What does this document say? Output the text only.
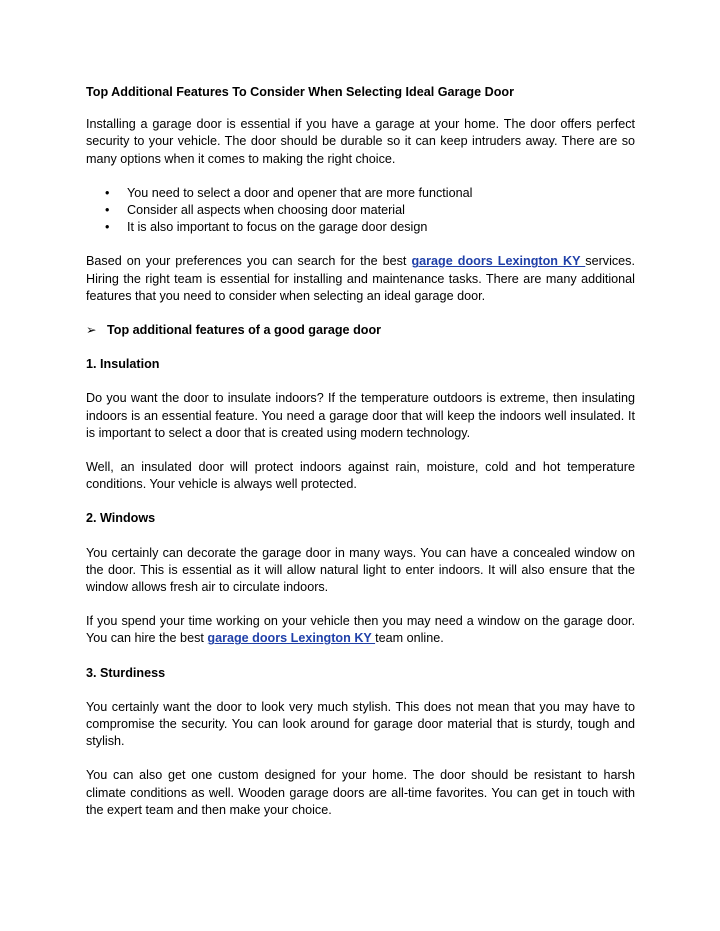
Top Additional Features To Consider When Selecting Ideal Garage Door

Installing a garage door is essential if you have a garage at your home. The door offers perfect security to your vehicle. The door should be durable so it can keep intruders away. There are so many options when it comes to making the right choice.

• You need to select a door and opener that are more functional
• Consider all aspects when choosing door material
• It is also important to focus on the garage door design

Based on your preferences you can search for the best garage doors Lexington KY services. Hiring the right team is essential for installing and maintenance tasks. There are many additional features that you need to consider when selecting an ideal garage door.

➢ Top additional features of a good garage door
1. Insulation

Do you want the door to insulate indoors? If the temperature outdoors is extreme, then insulating indoors is an essential feature. You need a garage door that will keep the indoors well insulated. It is important to select a door that is created using modern technology.

Well, an insulated door will protect indoors against rain, moisture, cold and hot temperature conditions. Your vehicle is always well protected.

2. Windows

You certainly can decorate the garage door in many ways. You can have a concealed window on the door. This is essential as it will allow natural light to enter indoors. It will also ensure that the window allows fresh air to circulate indoors.

If you spend your time working on your vehicle then you may need a window on the garage door. You can hire the best garage doors Lexington KY team online.

3. Sturdiness

You certainly want the door to look very much stylish. This does not mean that you may have to compromise the security. You can look around for garage door material that is sturdy, tough and stylish.

You can also get one custom designed for your home. The door should be resistant to harsh climate conditions as well. Wooden garage doors are all-time favorites. You can get in touch with the expert team and then make your choice.
